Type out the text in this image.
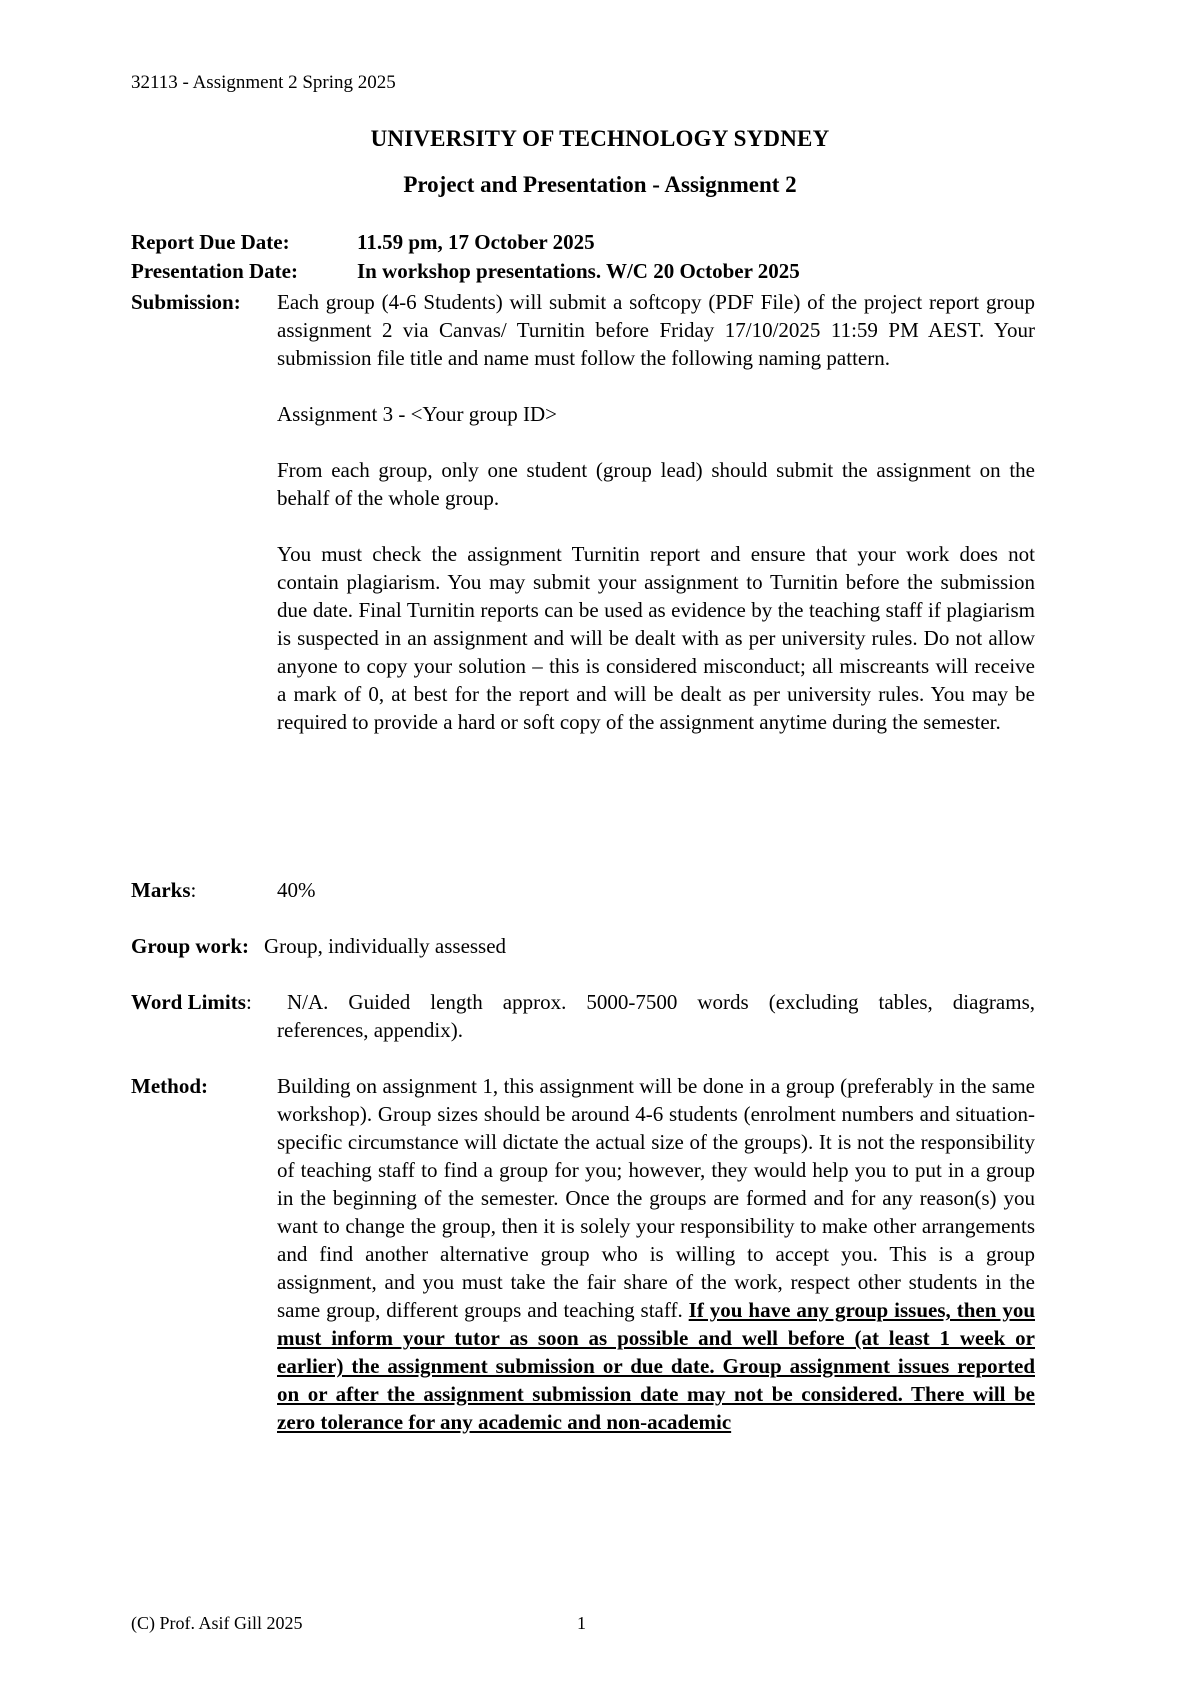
32113 - Assignment 2 Spring 2025
UNIVERSITY OF TECHNOLOGY SYDNEY
Project and Presentation - Assignment 2
Report Due Date:	11.59 pm, 17 October 2025
Presentation Date:	In workshop presentations. W/C 20 October 2025
Submission: Each group (4-6 Students) will submit a softcopy (PDF File) of the project report group assignment 2 via Canvas/ Turnitin before Friday 17/10/2025 11:59 PM AEST. Your submission file title and name must follow the following naming pattern.

Assignment 3 - <Your group ID>

From each group, only one student (group lead) should submit the assignment on the behalf of the whole group.

You must check the assignment Turnitin report and ensure that your work does not contain plagiarism. You may submit your assignment to Turnitin before the submission due date. Final Turnitin reports can be used as evidence by the teaching staff if plagiarism is suspected in an assignment and will be dealt with as per university rules. Do not allow anyone to copy your solution – this is considered misconduct; all miscreants will receive a mark of 0, at best for the report and will be dealt as per university rules. You may be required to provide a hard or soft copy of the assignment anytime during the semester.

Marks:	40%
Group work: Group, individually assessed
Word Limits: N/A. Guided length approx. 5000-7500 words (excluding tables, diagrams,
references, appendix).
Method:	Building on assignment 1, this assignment will be done in a group (preferably in the same workshop). Group sizes should be around 4-6 students (enrolment numbers and situation-specific circumstance will dictate the actual size of the groups). It is not the responsibility of teaching staff to find a group for you; however, they would help you to put in a group in the beginning of the semester. Once the groups are formed and for any reason(s) you want to change the group, then it is solely your responsibility to make other arrangements and find another alternative group who is willing to accept you. This is a group assignment, and you must take the fair share of the work, respect other students in the same group, different groups and teaching staff. If you have any group issues, then you must inform your tutor as soon as possible and well before (at least 1 week or earlier) the assignment submission or due date. Group assignment issues reported on or after the assignment submission date may not be considered. There will be zero tolerance for any academic and non-academic
(C) Prof. Asif Gill 2025	1
